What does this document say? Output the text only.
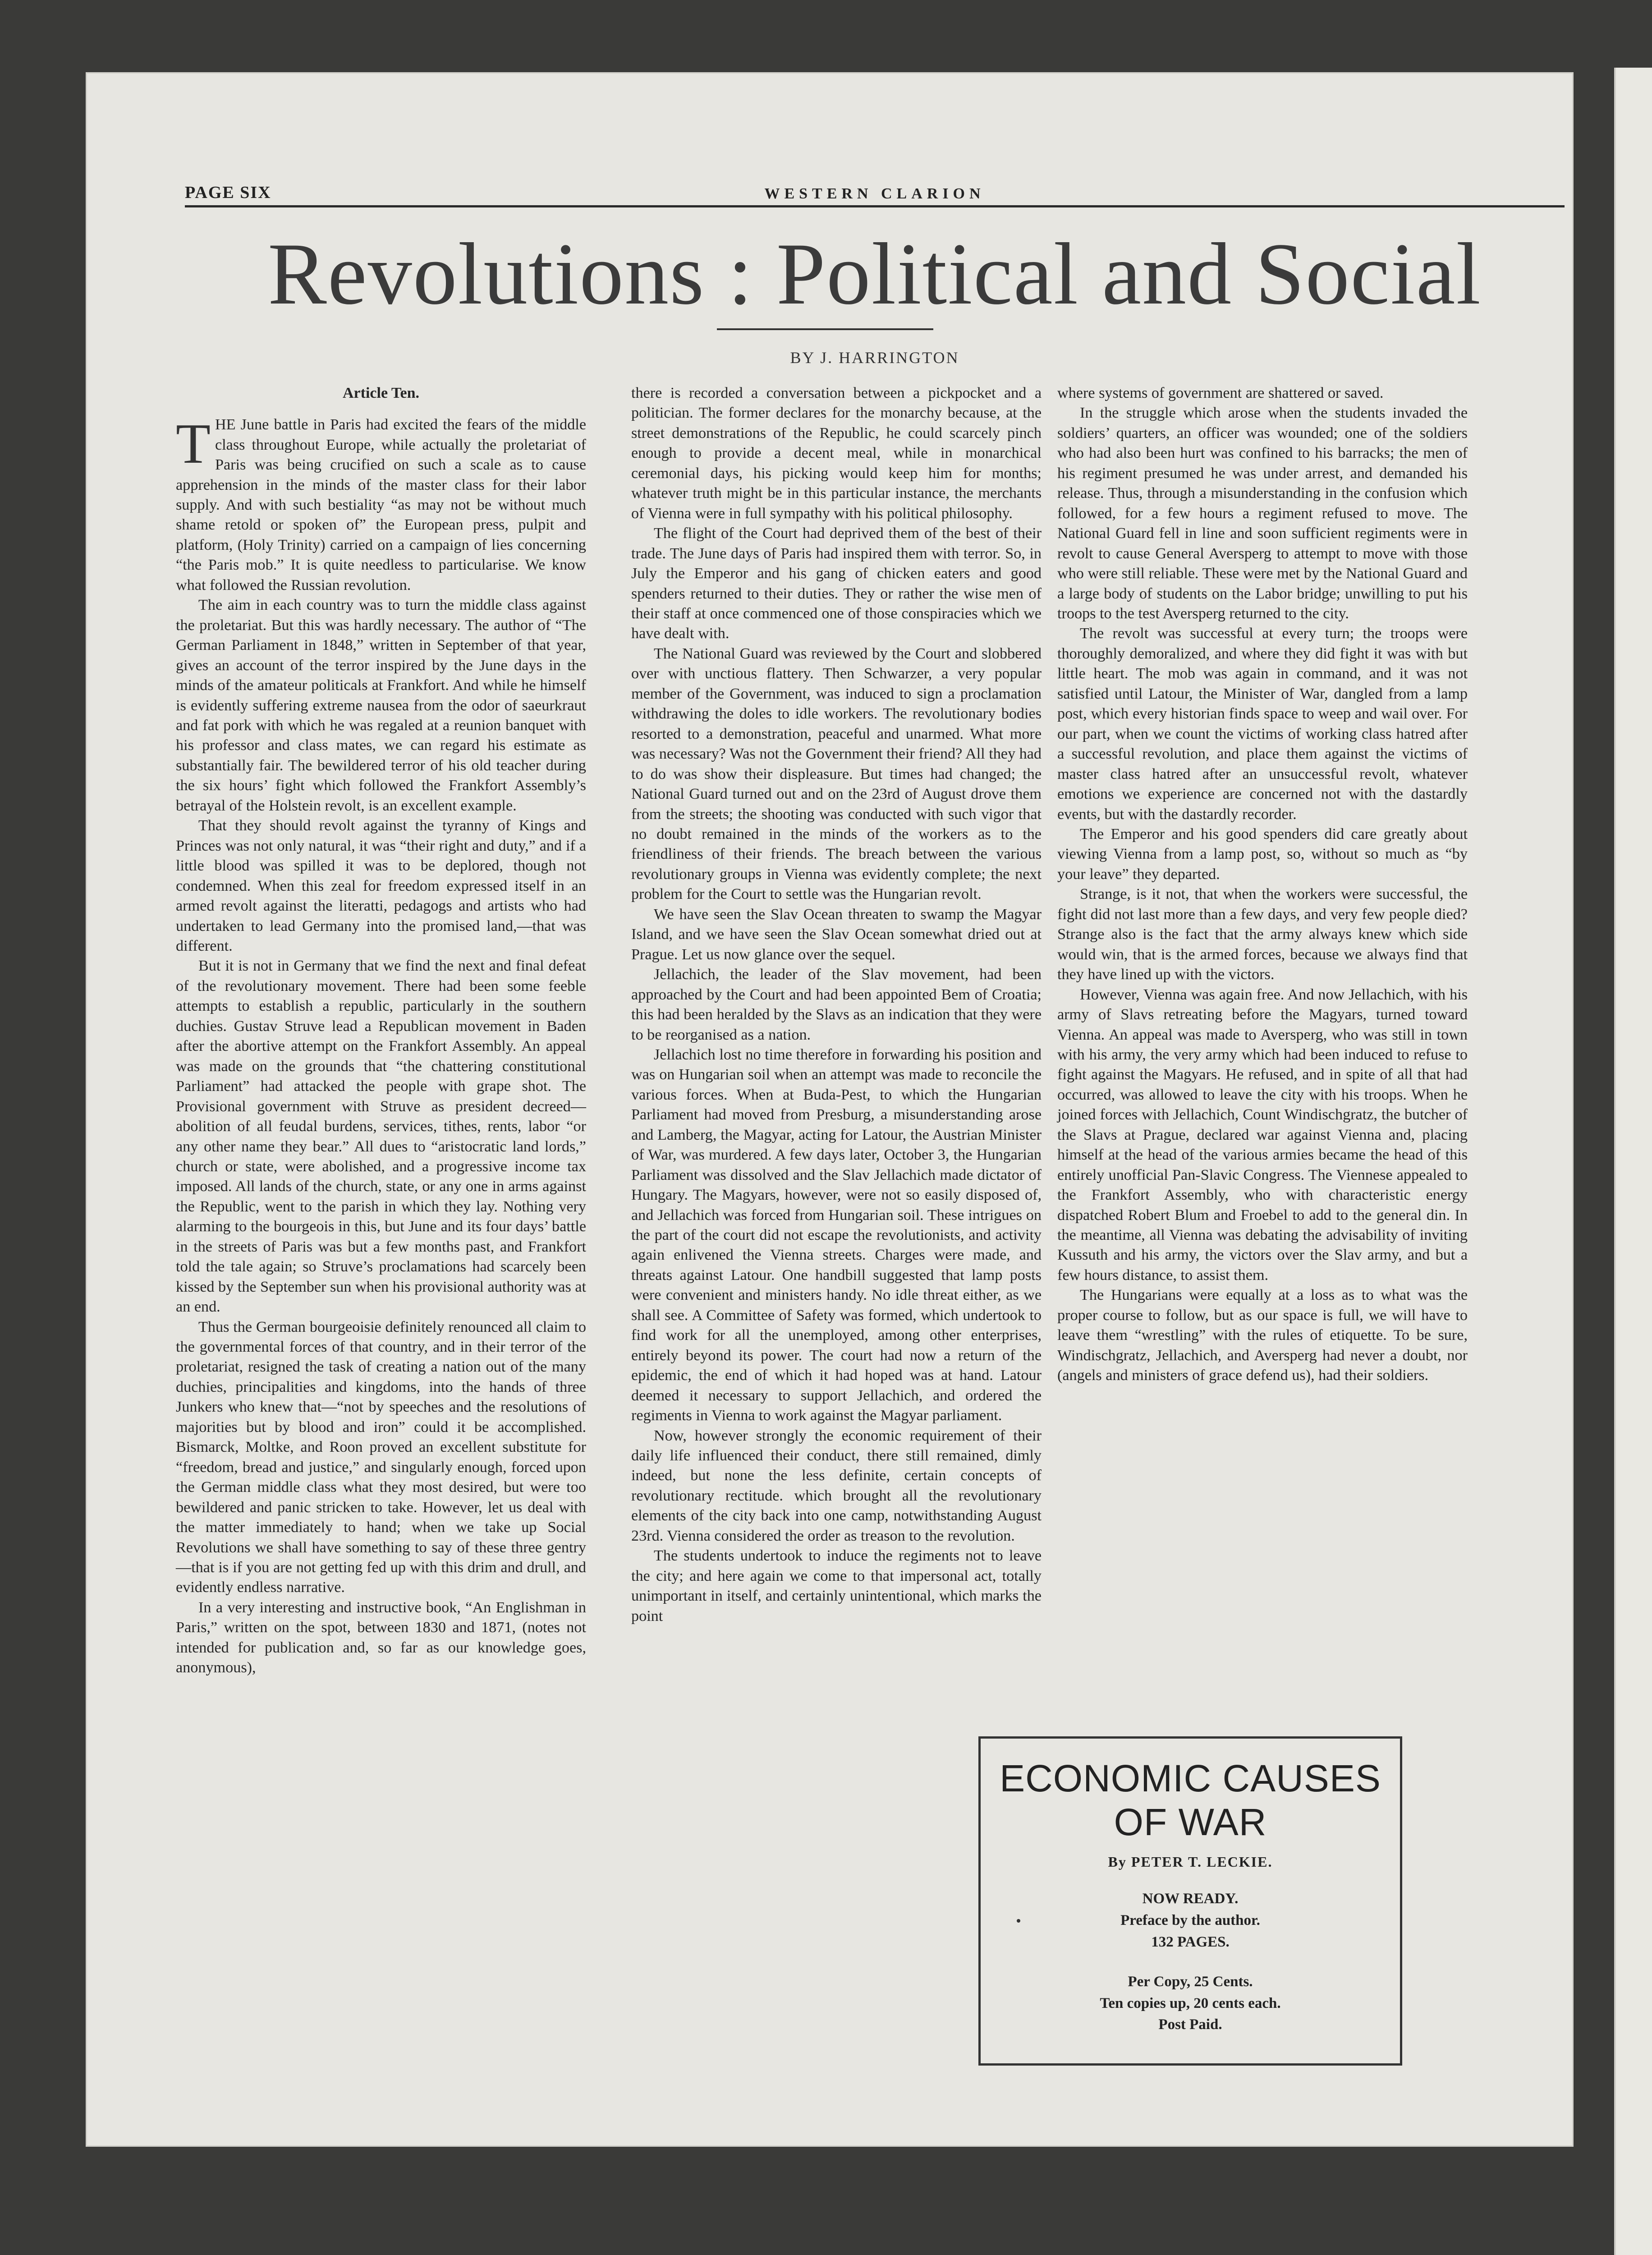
PAGE SIX	WESTERN CLARION
Revolutions : Political and Social
BY J. HARRINGTON
Article Ten.

THE June battle in Paris had excited the fears of the middle class throughout Europe, while actually the proletariat of Paris was being crucified on such a scale as to cause apprehension in the minds of the master class for their labor supply. And with such bestiality “as may not be without much shame retold or spoken of” the European press, pulpit and platform, (Holy Trinity) carried on a campaign of lies concerning “the Paris mob.” It is quite needless to particularise. We know what followed the Russian revolution.

The aim in each country was to turn the middle class against the proletariat. But this was hardly necessary. The author of “The German Parliament in 1848,” written in September of that year, gives an account of the terror inspired by the June days in the minds of the amateur politicals at Frankfort. And while he himself is evidently suffering extreme nausea from the odor of saeurkraut and fat pork with which he was regaled at a reunion banquet with his professor and class mates, we can regard his estimate as substantially fair. The bewildered terror of his old teacher during the six hours’ fight which followed the Frankfort Assembly’s betrayal of the Holstein revolt, is an excellent example.

That they should revolt against the tyranny of Kings and Princes was not only natural, it was “their right and duty,” and if a little blood was spilled it was to be deplored, though not condemned. When this zeal for freedom expressed itself in an armed revolt against the literatti, pedagogs and artists who had undertaken to lead Germany into the promised land,—that was different.

But it is not in Germany that we find the next and final defeat of the revolutionary movement. There had been some feeble attempts to establish a republic, particularly in the southern duchies. Gustav Struve lead a Republican movement in Baden after the abortive attempt on the Frankfort Assembly. An appeal was made on the grounds that “the chattering constitutional Parliament” had attacked the people with grape shot. The Provisional government with Struve as president decreed—abolition of all feudal burdens, services, tithes, rents, labor “or any other name they bear.” All dues to “aristocratic land lords,” church or state, were abolished, and a progressive income tax imposed. All lands of the church, state, or any one in arms against the Republic, went to the parish in which they lay. Nothing very alarming to the bourgeois in this, but June and its four days’ battle in the streets of Paris was but a few months past, and Frankfort told the tale again; so Struve’s proclamations had scarcely been kissed by the September sun when his provisional authority was at an end.

Thus the German bourgeoisie definitely renounced all claim to the governmental forces of that country, and in their terror of the proletariat, resigned the task of creating a nation out of the many duchies, principalities and kingdoms, into the hands of three Junkers who knew that—“not by speeches and the resolutions of majorities but by blood and iron” could it be accomplished. Bismarck, Moltke, and Roon proved an excellent substitute for “freedom, bread and justice,” and singularly enough, forced upon the German middle class what they most desired, but were too bewildered and panic stricken to take. However, let us deal with the matter immediately to hand; when we take up Social Revolutions we shall have something to say of these three gentry—that is if you are not getting fed up with this drim and drull, and evidently endless narrative.

In a very interesting and instructive book, “An Englishman in Paris,” written on the spot, between 1830 and 1871, (notes not intended for publication and, so far as our knowledge goes, anonymous),

there is recorded a conversation between a pickpocket and a politician. The former declares for the monarchy because, at the street demonstrations of the Republic, he could scarcely pinch enough to provide a decent meal, while in monarchical ceremonial days, his picking would keep him for months; whatever truth might be in this particular instance, the merchants of Vienna were in full sympathy with his political philosophy.

The flight of the Court had deprived them of the best of their trade. The June days of Paris had inspired them with terror. So, in July the Emperor and his gang of chicken eaters and good spenders returned to their duties. They or rather the wise men of their staff at once commenced one of those conspiracies which we have dealt with.

The National Guard was reviewed by the Court and slobbered over with unctious flattery. Then Schwarzer, a very popular member of the Government, was induced to sign a proclamation withdrawing the doles to idle workers. The revolutionary bodies resorted to a demonstration, peaceful and unarmed. What more was necessary? Was not the Government their friend? All they had to do was show their displeasure. But times had changed; the National Guard turned out and on the 23rd of August drove them from the streets; the shooting was conducted with such vigor that no doubt remained in the minds of the workers as to the friendliness of their friends. The breach between the various revolutionary groups in Vienna was evidently complete; the next problem for the Court to settle was the Hungarian revolt.

We have seen the Slav Ocean threaten to swamp the Magyar Island, and we have seen the Slav Ocean somewhat dried out at Prague. Let us now glance over the sequel.

Jellachich, the leader of the Slav movement, had been approached by the Court and had been appointed Bem of Croatia; this had been heralded by the Slavs as an indication that they were to be reorganised as a nation.

Jellachich lost no time therefore in forwarding his position and was on Hungarian soil when an attempt was made to reconcile the various forces. When at Buda-Pest, to which the Hungarian Parliament had moved from Presburg, a misunderstanding arose and Lamberg, the Magyar, acting for Latour, the Austrian Minister of War, was murdered. A few days later, October 3, the Hungarian Parliament was dissolved and the Slav Jellachich made dictator of Hungary. The Magyars, however, were not so easily disposed of, and Jellachich was forced from Hungarian soil. These intrigues on the part of the court did not escape the revolutionists, and activity again enlivened the Vienna streets. Charges were made, and threats against Latour. One handbill suggested that lamp posts were convenient and ministers handy. No idle threat either, as we shall see. A Committee of Safety was formed, which undertook to find work for all the unemployed, among other enterprises, entirely beyond its power. The court had now a return of the epidemic, the end of which it had hoped was at hand. Latour deemed it necessary to support Jellachich, and ordered the regiments in Vienna to work against the Magyar parliament.

Now, however strongly the economic requirement of their daily life influenced their conduct, there still remained, dimly indeed, but none the less definite, certain concepts of revolutionary rectitude. which brought all the revolutionary elements of the city back into one camp, notwithstanding August 23rd. Vienna considered the order as treason to the revolution.

The students undertook to induce the regiments not to leave the city; and here again we come to that impersonal act, totally unimportant in itself, and certainly unintentional, which marks the point

where systems of government are shattered or saved.

In the struggle which arose when the students invaded the soldiers’ quarters, an officer was wounded; one of the soldiers who had also been hurt was confined to his barracks; the men of his regiment presumed he was under arrest, and demanded his release. Thus, through a misunderstanding in the confusion which followed, for a few hours a regiment refused to move. The National Guard fell in line and soon sufficient regiments were in revolt to cause General Aversperg to attempt to move with those who were still reliable. These were met by the National Guard and a large body of students on the Labor bridge; unwilling to put his troops to the test Aversperg returned to the city.

The revolt was successful at every turn; the troops were thoroughly demoralized, and where they did fight it was with but little heart. The mob was again in command, and it was not satisfied until Latour, the Minister of War, dangled from a lamp post, which every historian finds space to weep and wail over. For our part, when we count the victims of working class hatred after a successful revolution, and place them against the victims of master class hatred after an unsuccessful revolt, whatever emotions we experience are concerned not with the dastardly events, but with the dastardly recorder.

The Emperor and his good spenders did care greatly about viewing Vienna from a lamp post, so, without so much as “by your leave” they departed.

Strange, is it not, that when the workers were successful, the fight did not last more than a few days, and very few people died? Strange also is the fact that the army always knew which side would win, that is the armed forces, because we always find that they have lined up with the victors.

However, Vienna was again free. And now Jellachich, with his army of Slavs retreating before the Magyars, turned toward Vienna. An appeal was made to Aversperg, who was still in town with his army, the very army which had been induced to refuse to fight against the Magyars. He refused, and in spite of all that had occurred, was allowed to leave the city with his troops. When he joined forces with Jellachich, Count Windischgratz, the butcher of the Slavs at Prague, declared war against Vienna and, placing himself at the head of the various armies became the head of this entirely unofficial Pan-Slavic Congress. The Viennese appealed to the Frankfort Assembly, who with characteristic energy dispatched Robert Blum and Froebel to add to the general din. In the meantime, all Vienna was debating the advisability of inviting Kussuth and his army, the victors over the Slav army, and but a few hours distance, to assist them.

The Hungarians were equally at a loss as to what was the proper course to follow, but as our space is full, we will have to leave them “wrestling” with the rules of etiquette. To be sure, Windischgratz, Jellachich, and Aversperg had never a doubt, nor (angels and ministers of grace defend us), had their soldiers.

ECONOMIC CAUSES
OF WAR
By PETER T. LECKIE.
NOW READY.
Preface by the author.
132 PAGES.
Per Copy, 25 Cents.
Ten copies up, 20 cents each.
Post Paid.
